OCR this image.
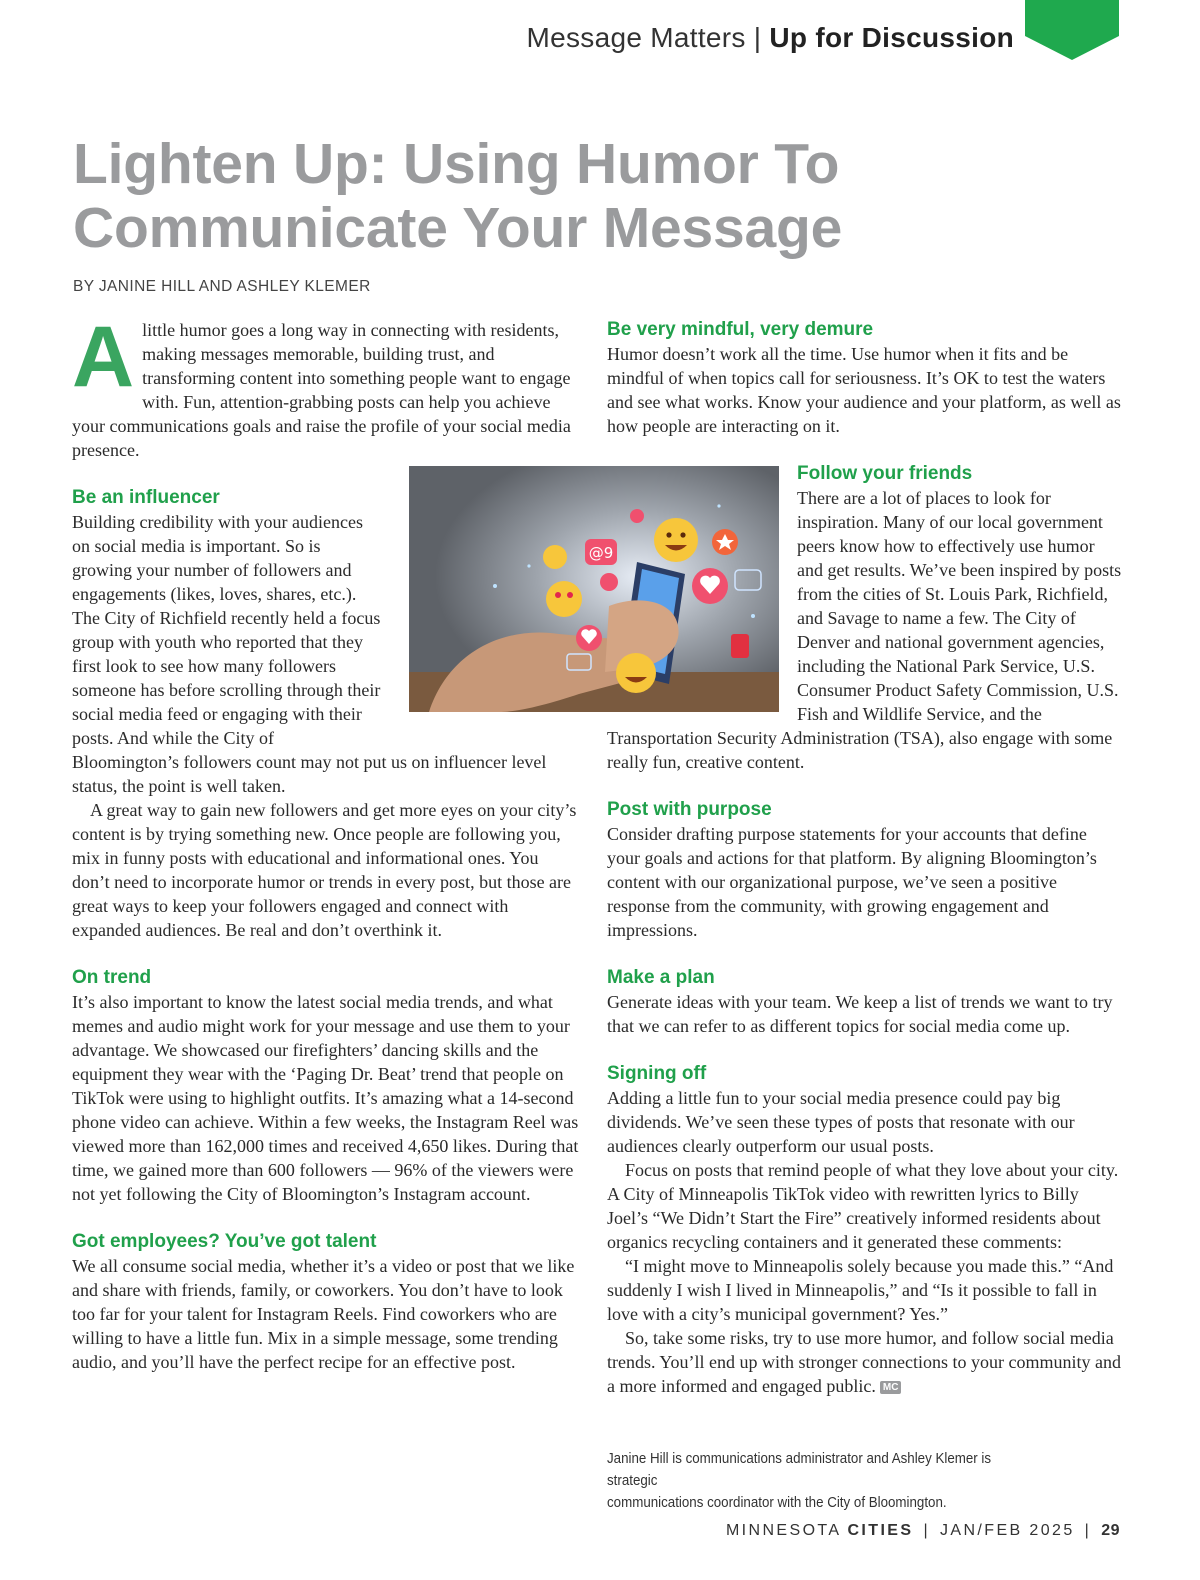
Message Matters | Up for Discussion
Lighten Up: Using Humor To
Communicate Your Message
BY JANINE HILL AND ASHLEY KLEMER

Alittle humor goes a long way in connecting with residents, making messages memorable, building trust, and transforming content into something people want to engage with. Fun, attention-grabbing posts can help you achieve your communications goals and raise the profile of your social media presence.

Be an influencer

Building credibility with your audiences on social media is important. So is growing your number of followers and engagements (likes, loves, shares, etc.). The City of Richfield recently held a focus group with youth who reported that they first look to see how many followers someone has before scrolling through their social media feed or engaging with their posts. And while the City of Bloomington’s followers count may not put us on influencer level status, the point is well taken.

A great way to gain new followers and get more eyes on your city’s content is by trying something new. Once people are following you, mix in funny posts with educational and informational ones. You don’t need to incorporate humor or trends in every post, but those are great ways to keep your followers engaged and connect with expanded audiences. Be real and don’t overthink it.

On trend

It’s also important to know the latest social media trends, and what memes and audio might work for your message and use them to your advantage. We showcased our firefighters’ dancing skills and the equipment they wear with the ‘Paging Dr. Beat’ trend that people on TikTok were using to highlight outfits. It’s amazing what a 14-second phone video can achieve. Within a few weeks, the Instagram Reel was viewed more than 162,000 times and received 4,650 likes. During that time, we gained more than 600 followers — 96% of the viewers were not yet following the City of Bloomington’s Instagram account.

Got employees? You’ve got talent

We all consume social media, whether it’s a video or post that we like and share with friends, family, or coworkers. You don’t have to look too far for your talent for Instagram Reels. Find coworkers who are willing to have a little fun. Mix in a simple message, some trending audio, and you’ll have the perfect recipe for an effective post.

Be very mindful, very demure

Humor doesn’t work all the time. Use humor when it fits and be mindful of when topics call for seriousness. It’s OK to test the waters and see what works. Know your audience and your platform, as well as how people are interacting on it.

Follow your friends

There are a lot of places to look for inspiration. Many of our local government peers know how to effectively use humor and get results. We’ve been inspired by posts from the cities of St. Louis Park, Richfield, and Savage to name a few. The City of Denver and national government agencies, including the National Park Service, U.S. Consumer Product Safety Commission, U.S. Fish and Wildlife Service, and the Transportation Security Administration (TSA), also engage with some really fun, creative content.

Post with purpose

Consider drafting purpose statements for your accounts that define your goals and actions for that platform. By aligning Bloomington’s content with our organizational purpose, we’ve seen a positive response from the community, with growing engagement and impressions.

Make a plan

Generate ideas with your team. We keep a list of trends we want to try that we can refer to as different topics for social media come up.

Signing off

Adding a little fun to your social media presence could pay big dividends. We’ve seen these types of posts that resonate with our audiences clearly outperform our usual posts.

Focus on posts that remind people of what they love about your city. A City of Minneapolis TikTok video with rewritten lyrics to Billy Joel’s “We Didn’t Start the Fire” creatively informed residents about organics recycling containers and it generated these comments:

“I might move to Minneapolis solely because you made this.” “And suddenly I wish I lived in Minneapolis,” and “Is it possible to fall in love with a city’s municipal government? Yes.”

So, take some risks, try to use more humor, and follow social media trends. You’ll end up with stronger connections to your community and a more informed and engaged public. MC

@9
Janine Hill is communications administrator and Ashley Klemer is strategic
communications coordinator with the City of Bloomington.
MINNESOTA CITIES | JAN/FEB 2025 | 29
